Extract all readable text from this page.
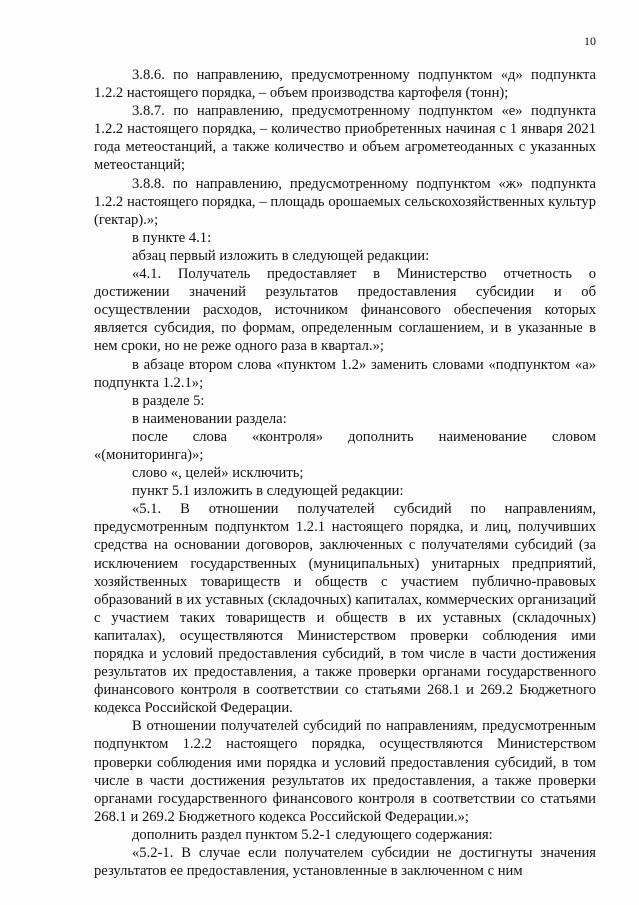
10

3.8.6. по направлению, предусмотренному подпунктом «д» подпункта 1.2.2 настоящего порядка, – объем производства картофеля (тонн);

3.8.7. по направлению, предусмотренному подпунктом «е» подпункта 1.2.2 настоящего порядка, – количество приобретенных начиная с 1 января 2021 года метеостанций, а также количество и объем агрометеоданных с указанных метеостанций;

3.8.8. по направлению, предусмотренному подпунктом «ж» подпункта 1.2.2 настоящего порядка, – площадь орошаемых сельскохозяйственных культур (гектар).»;

в пункте 4.1:

абзац первый изложить в следующей редакции:

«4.1. Получатель предоставляет в Министерство отчетность о достижении значений результатов предоставления субсидии и об осуществлении расходов, источником финансового обеспечения которых является субсидия, по формам, определенным соглашением, и в указанные в нем сроки, но не реже одного раза в квартал.»;

в абзаце втором слова «пунктом 1.2» заменить словами «подпунктом «а» подпункта 1.2.1»;

в разделе 5:

в наименовании раздела:

после слова «контроля» дополнить наименование словом «(мониторинга)»;

слово «, целей» исключить;

пункт 5.1 изложить в следующей редакции:

«5.1. В отношении получателей субсидий по направлениям, предусмотренным подпунктом 1.2.1 настоящего порядка, и лиц, получивших средства на основании договоров, заключенных с получателями субсидий (за исключением государственных (муниципальных) унитарных предприятий, хозяйственных товариществ и обществ с участием публично-правовых образований в их уставных (складочных) капиталах, коммерческих организаций с участием таких товариществ и обществ в их уставных (складочных) капиталах), осуществляются Министерством проверки соблюдения ими порядка и условий предоставления субсидий, в том числе в части достижения результатов их предоставления, а также проверки органами государственного финансового контроля в соответствии со статьями 268.1 и 269.2 Бюджетного кодекса Российской Федерации.

В отношении получателей субсидий по направлениям, предусмотренным подпунктом 1.2.2 настоящего порядка, осуществляются Министерством проверки соблюдения ими порядка и условий предоставления субсидий, в том числе в части достижения результатов их предоставления, а также проверки органами государственного финансового контроля в соответствии со статьями 268.1 и 269.2 Бюджетного кодекса Российской Федерации.»;

дополнить раздел пунктом 5.2-1 следующего содержания:

«5.2-1. В случае если получателем субсидии не достигнуты значения результатов ее предоставления, установленные в заключенном с ним
